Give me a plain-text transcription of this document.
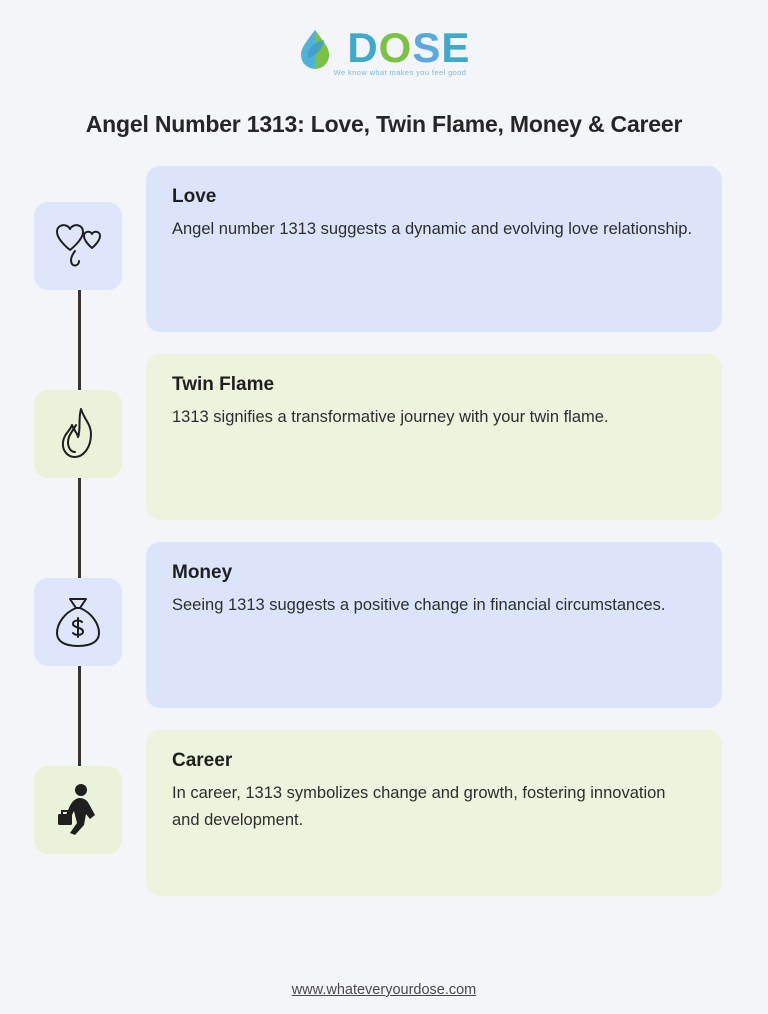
DOSE
We know what makes you feel good
Angel Number 1313: Love, Twin Flame, Money & Career
Love

Angel number 1313 suggests a dynamic and evolving love relationship.

Twin Flame

1313 signifies a transformative journey with your twin flame.

Money

Seeing 1313 suggests a positive change in financial circumstances.

Career

In career, 1313 symbolizes change and growth, fostering innovation and development.

www.whateveryourdose.com
